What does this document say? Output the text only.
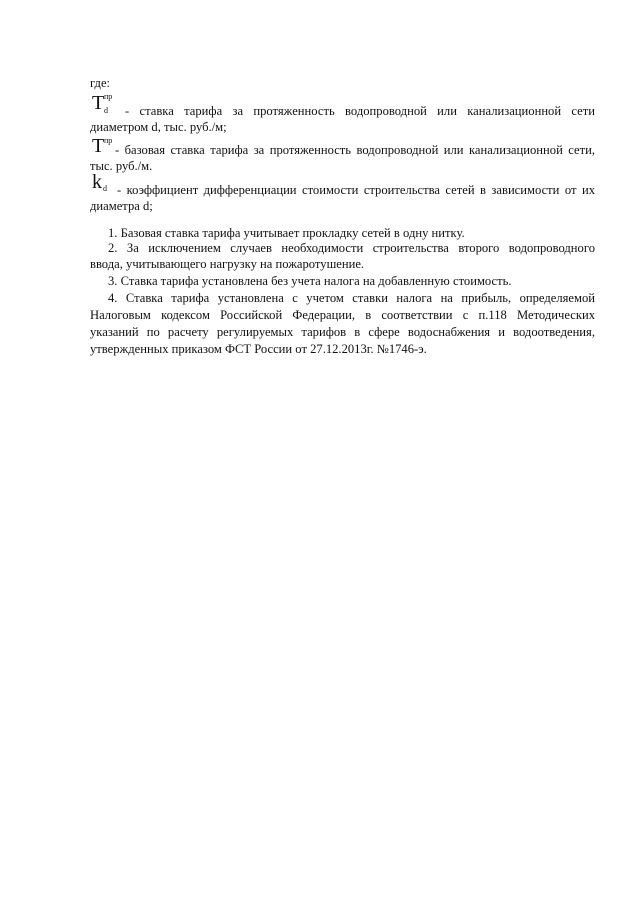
где:
T пр
d - ставка тарифа за протяженность водопроводной или канализационной сети
диаметром d, тыс. руб./м;
T пр
- базовая ставка тарифа за протяженность водопроводной или канализационной сети,
тыс. руб./м.
k d - коэффициент дифференциации стоимости строительства сетей в зависимости от их
диаметра d;
1. Базовая ставка тарифа учитывает прокладку сетей в одну нитку.
2. За исключением случаев необходимости строительства второго водопроводного
ввода, учитывающего нагрузку на пожаротушение.
3. Ставка тарифа установлена без учета налога на добавленную стоимость.
4. Ставка тарифа установлена с учетом ставки налога на прибыль, определяемой
Налоговым кодексом Российской Федерации, в соответствии с п.118 Методических
указаний по расчету регулируемых тарифов в сфере водоснабжения и водоотведения,
утвержденных приказом ФСТ России от 27.12.2013г. №1746-э.
